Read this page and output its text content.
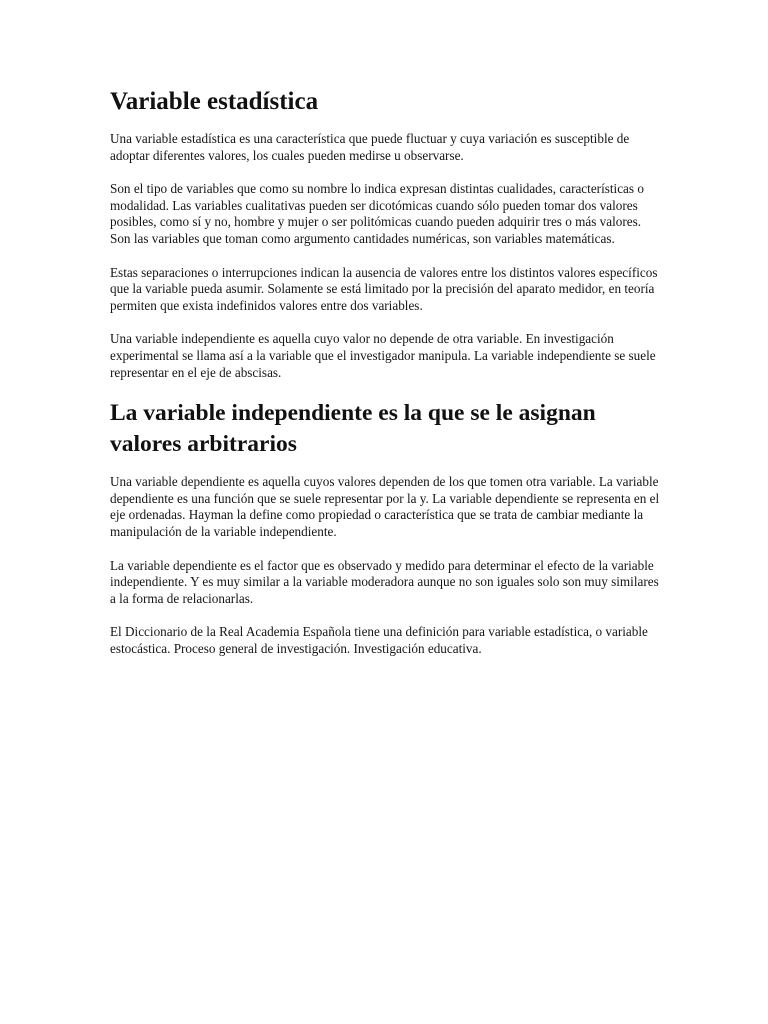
Variable estadística

Una variable estadística es una característica que puede fluctuar y cuya variación es susceptible de adoptar diferentes valores, los cuales pueden medirse u observarse.

Son el tipo de variables que como su nombre lo indica expresan distintas cualidades, características o modalidad. Las variables cualitativas pueden ser dicotómicas cuando sólo pueden tomar dos valores posibles, como sí y no, hombre y mujer o ser politómicas cuando pueden adquirir tres o más valores. Son las variables que toman como argumento cantidades numéricas, son variables matemáticas.

Estas separaciones o interrupciones indican la ausencia de valores entre los distintos valores específicos que la variable pueda asumir. Solamente se está limitado por la precisión del aparato medidor, en teoría permiten que exista indefinidos valores entre dos variables.

Una variable independiente es aquella cuyo valor no depende de otra variable. En investigación experimental se llama así a la variable que el investigador manipula. La variable independiente se suele representar en el eje de abscisas.

La variable independiente es la que se le asignan valores arbitrarios

Una variable dependiente es aquella cuyos valores dependen de los que tomen otra variable. La variable dependiente es una función que se suele representar por la y. La variable dependiente se representa en el eje ordenadas. Hayman la define como propiedad o característica que se trata de cambiar mediante la manipulación de la variable independiente.

La variable dependiente es el factor que es observado y medido para determinar el efecto de la variable independiente. Y es muy similar a la variable moderadora aunque no son iguales solo son muy similares a la forma de relacionarlas.

El Diccionario de la Real Academia Española tiene una definición para variable estadística, o variable estocástica. Proceso general de investigación. Investigación educativa.
